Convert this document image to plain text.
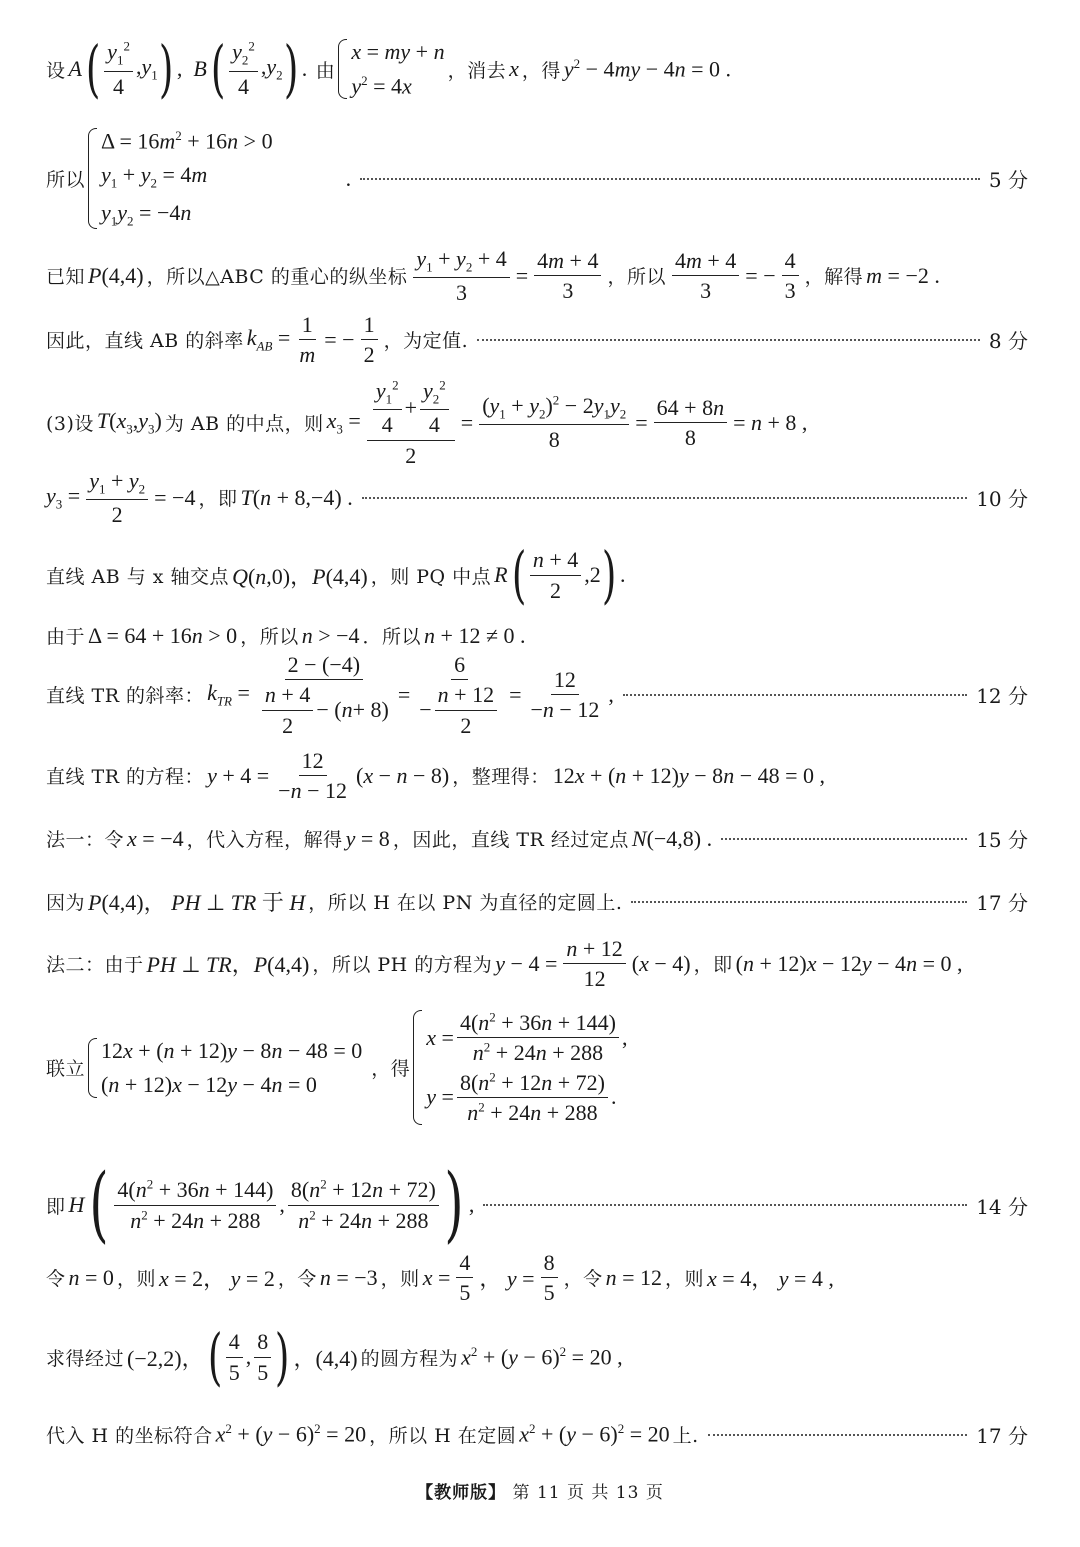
设 A ( $y_1^2$
4
$,y_1$ ) ,  B ( $y_2^2$
4
$,y_2$ ) . 由
x = my + n
$y^2 = 4x$
，消去 x ，得 $y^2 - 4my - 4n = 0$ .
所以
$\Delta = 16m^2 + 16n > 0$
$y_1 + y_2 = 4m$
$y_1y_2 = -4n$
.	5 分
已知 P(4,4) ，所以△ABC 的重心的纵坐标 $\frac{y_1 + y_2 + 4}{3} = \frac{4m + 4}{3}$ ，所以 $\frac{4m + 4}{3}$ = − $\frac{4}{3}$ ，解得 m = −2 .
因此，直线 AB 的斜率 $k_{AB} = \frac{1}{m}$ = − $\frac{1}{2}$ ，为定值.	8 分
(3)设 $T(x_3,y_3)$ 为 AB 的中点，则 $x_3 = y_1^2$
4
+
$y_2^2$
4
$2 = \frac{(y_1 + y_2)^2 - 2y_1y_2}{8} = \frac{64 + 8n}{8} = n + 8$ ,
$y_3 = \frac{y_1 + y_2}{2} = -4$ ，即 T(n + 8,−4) .	10 分
直线 AB 与 x 轴交点 Q(n,0)，P(4,4) ，则 PQ 中点 R ( n + 4
2
,2 ) .
由于 Δ = 64 + 16n > 0 ，所以 n > −4 ．所以 n + 12 ≠ 0 .
直线 TR 的斜率： $k_{TR} = 2 - (-4)$
n + 4
2
− ( n + 8) = 6
−
n + 12
$2 = \frac{12}{-n - 12}$ ,	12 分
直线 TR 的方程： $y + 4 = \frac{12}{-n - 12} (x - n - 8)$ ，整理得： 12x + (n + 12)y − 8n − 48 = 0 ,
法一：令 x = −4 ，代入方程，解得 y = 8 ，因此，直线 TR 经过定点 N(−4,8) .	15 分
因为 P(4,4)， PH ⊥ TR 于 H ，所以 H 在以 PN 为直径的定圆上.	17 分
法二：由于 PH ⊥ TR，P(4,4) ，所以 PH 的方程为 $y - 4 = \frac{n + 12}{12} (x - 4)$ ，即 (n + 12)x − 12y − 4n = 0 ,
联立
12x + (n + 12)y − 8n − 48 = 0
(n + 12)x − 12y − 4n = 0
，得
x =
$4(n^2 + 36n + 144)$
$n^2 + 24n + 288$
,
y =
$8(n^2 + 12n + 72)$
$n^2 + 24n + 288$
.
即 H ( $4(n^2 + 36n + 144)$
$n^2 + 24n + 288$
,
$8(n^2 + 12n + 72)$
$n^2 + 24n + 288$ ) ,	14 分
令 n = 0 ，则 x = 2， y = 2 ，令 n = −3 ，则 $x = \frac{4}{5}$ ， $y = \frac{8}{5}$ ，令 n = 12 ，则 x = 4， y = 4 ,
求得经过 (−2,2)， ( 4
5
,
8
5 ) ，(4,4) 的圆方程为 $x^2 + (y - 6)^2 = 20$ ,
代入 H 的坐标符合 $x^2 + (y - 6)^2 = 20$ ，所以 H 在定圆 $x^2 + (y - 6)^2 = 20$ 上.	17 分
【教师版】 第 11 页 共 13 页
